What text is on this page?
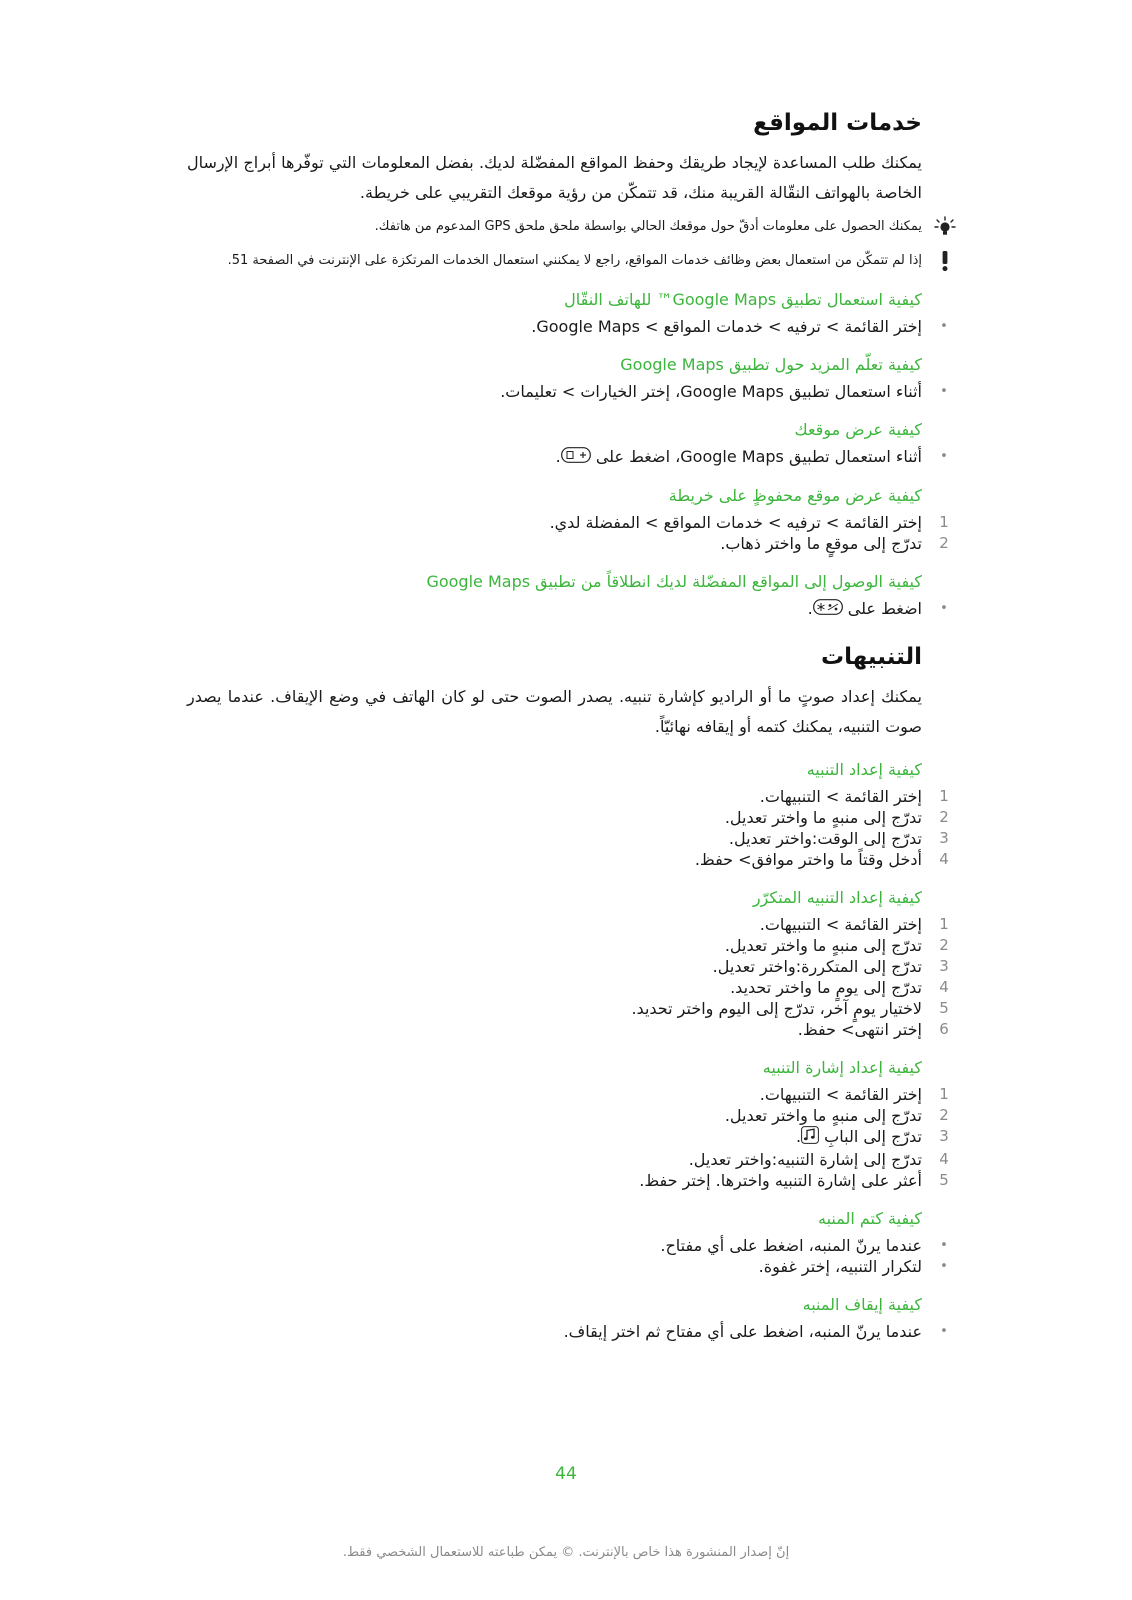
خدمات المواقع

يمكنك طلب المساعدة لإيجاد طريقك وحفظ المواقع المفضّلة لديك. بفضل المعلومات التي توفّرها أبراج الإرسال الخاصة بالهواتف النقّالة القريبة منك، قد تتمكّن من رؤية موقعك التقريبي على خريطة.

يمكنك الحصول على معلومات أدقّ حول موقعك الحالي بواسطة ملحق ملحق GPS المدعوم من هاتفك.
إذا لم تتمكّن من استعمال بعض وظائف خدمات المواقع، راجع لا يمكنني استعمال الخدمات المرتكزة على الإنترنت في الصفحة 51.
كيفية استعمال تطبيق Google Maps™ للهاتف النقّال
•
إختر القائمة > ترفيه > خدمات المواقع > Google Maps.
كيفية تعلّم المزيد حول تطبيق Google Maps
•
أثناء استعمال تطبيق Google Maps، إختر الخيارات > تعليمات.
كيفية عرض موقعك
•
أثناء استعمال تطبيق Google Maps، اضغط على .
كيفية عرض موقع محفوظٍ على خريطة
1
إختر القائمة > ترفيه > خدمات المواقع > المفضلة لدي.
2
تدرّج إلى موقعٍ ما واختر ذهاب.
كيفية الوصول إلى المواقع المفضّلة لديك انطلاقاً من تطبيق Google Maps
•
اضغط على .
التنبيهات

يمكنك إعداد صوتٍ ما أو الراديو كإشارة تنبيه. يصدر الصوت حتى لو كان الهاتف في وضع الإيقاف. عندما يصدر صوت التنبيه، يمكنك كتمه أو إيقافه نهائيّاً.

كيفية إعداد التنبيه
1
إختر القائمة > التنبيهات.
2
تدرّج إلى منبهٍ ما واختر تعديل.
3
تدرّج إلى الوقت:واختر تعديل.
4
أدخل وقتاً ما واختر موافق> حفظ.
كيفية إعداد التنبيه المتكرّر
1
إختر القائمة > التنبيهات.
2
تدرّج إلى منبهٍ ما واختر تعديل.
3
تدرّج إلى المتكررة:واختر تعديل.
4
تدرّج إلى يومٍ ما واختر تحديد.
5
لاختيار يومٍ آخر، تدرّج إلى اليوم واختر تحديد.
6
إختر انتهى> حفظ.
كيفية إعداد إشارة التنبيه
1
إختر القائمة > التنبيهات.
2
تدرّج إلى منبهٍ ما واختر تعديل.
3
تدرّج إلى البابِ .
4
تدرّج إلى إشارة التنبيه:واختر تعديل.
5
أعثر على إشارة التنبيه واخترها. إختر حفظ.
كيفية كتم المنبه
•
عندما يرنّ المنبه، اضغط على أي مفتاح.
•
لتكرار التنبيه، إختر غفوة.
كيفية إيقاف المنبه
•
عندما يرنّ المنبه، اضغط على أي مفتاح ثم اختر إيقاف.
44
إنّ إصدار المنشورة هذا خاص بالإنترنت. © يمكن طباعته للاستعمال الشخصي فقط.
